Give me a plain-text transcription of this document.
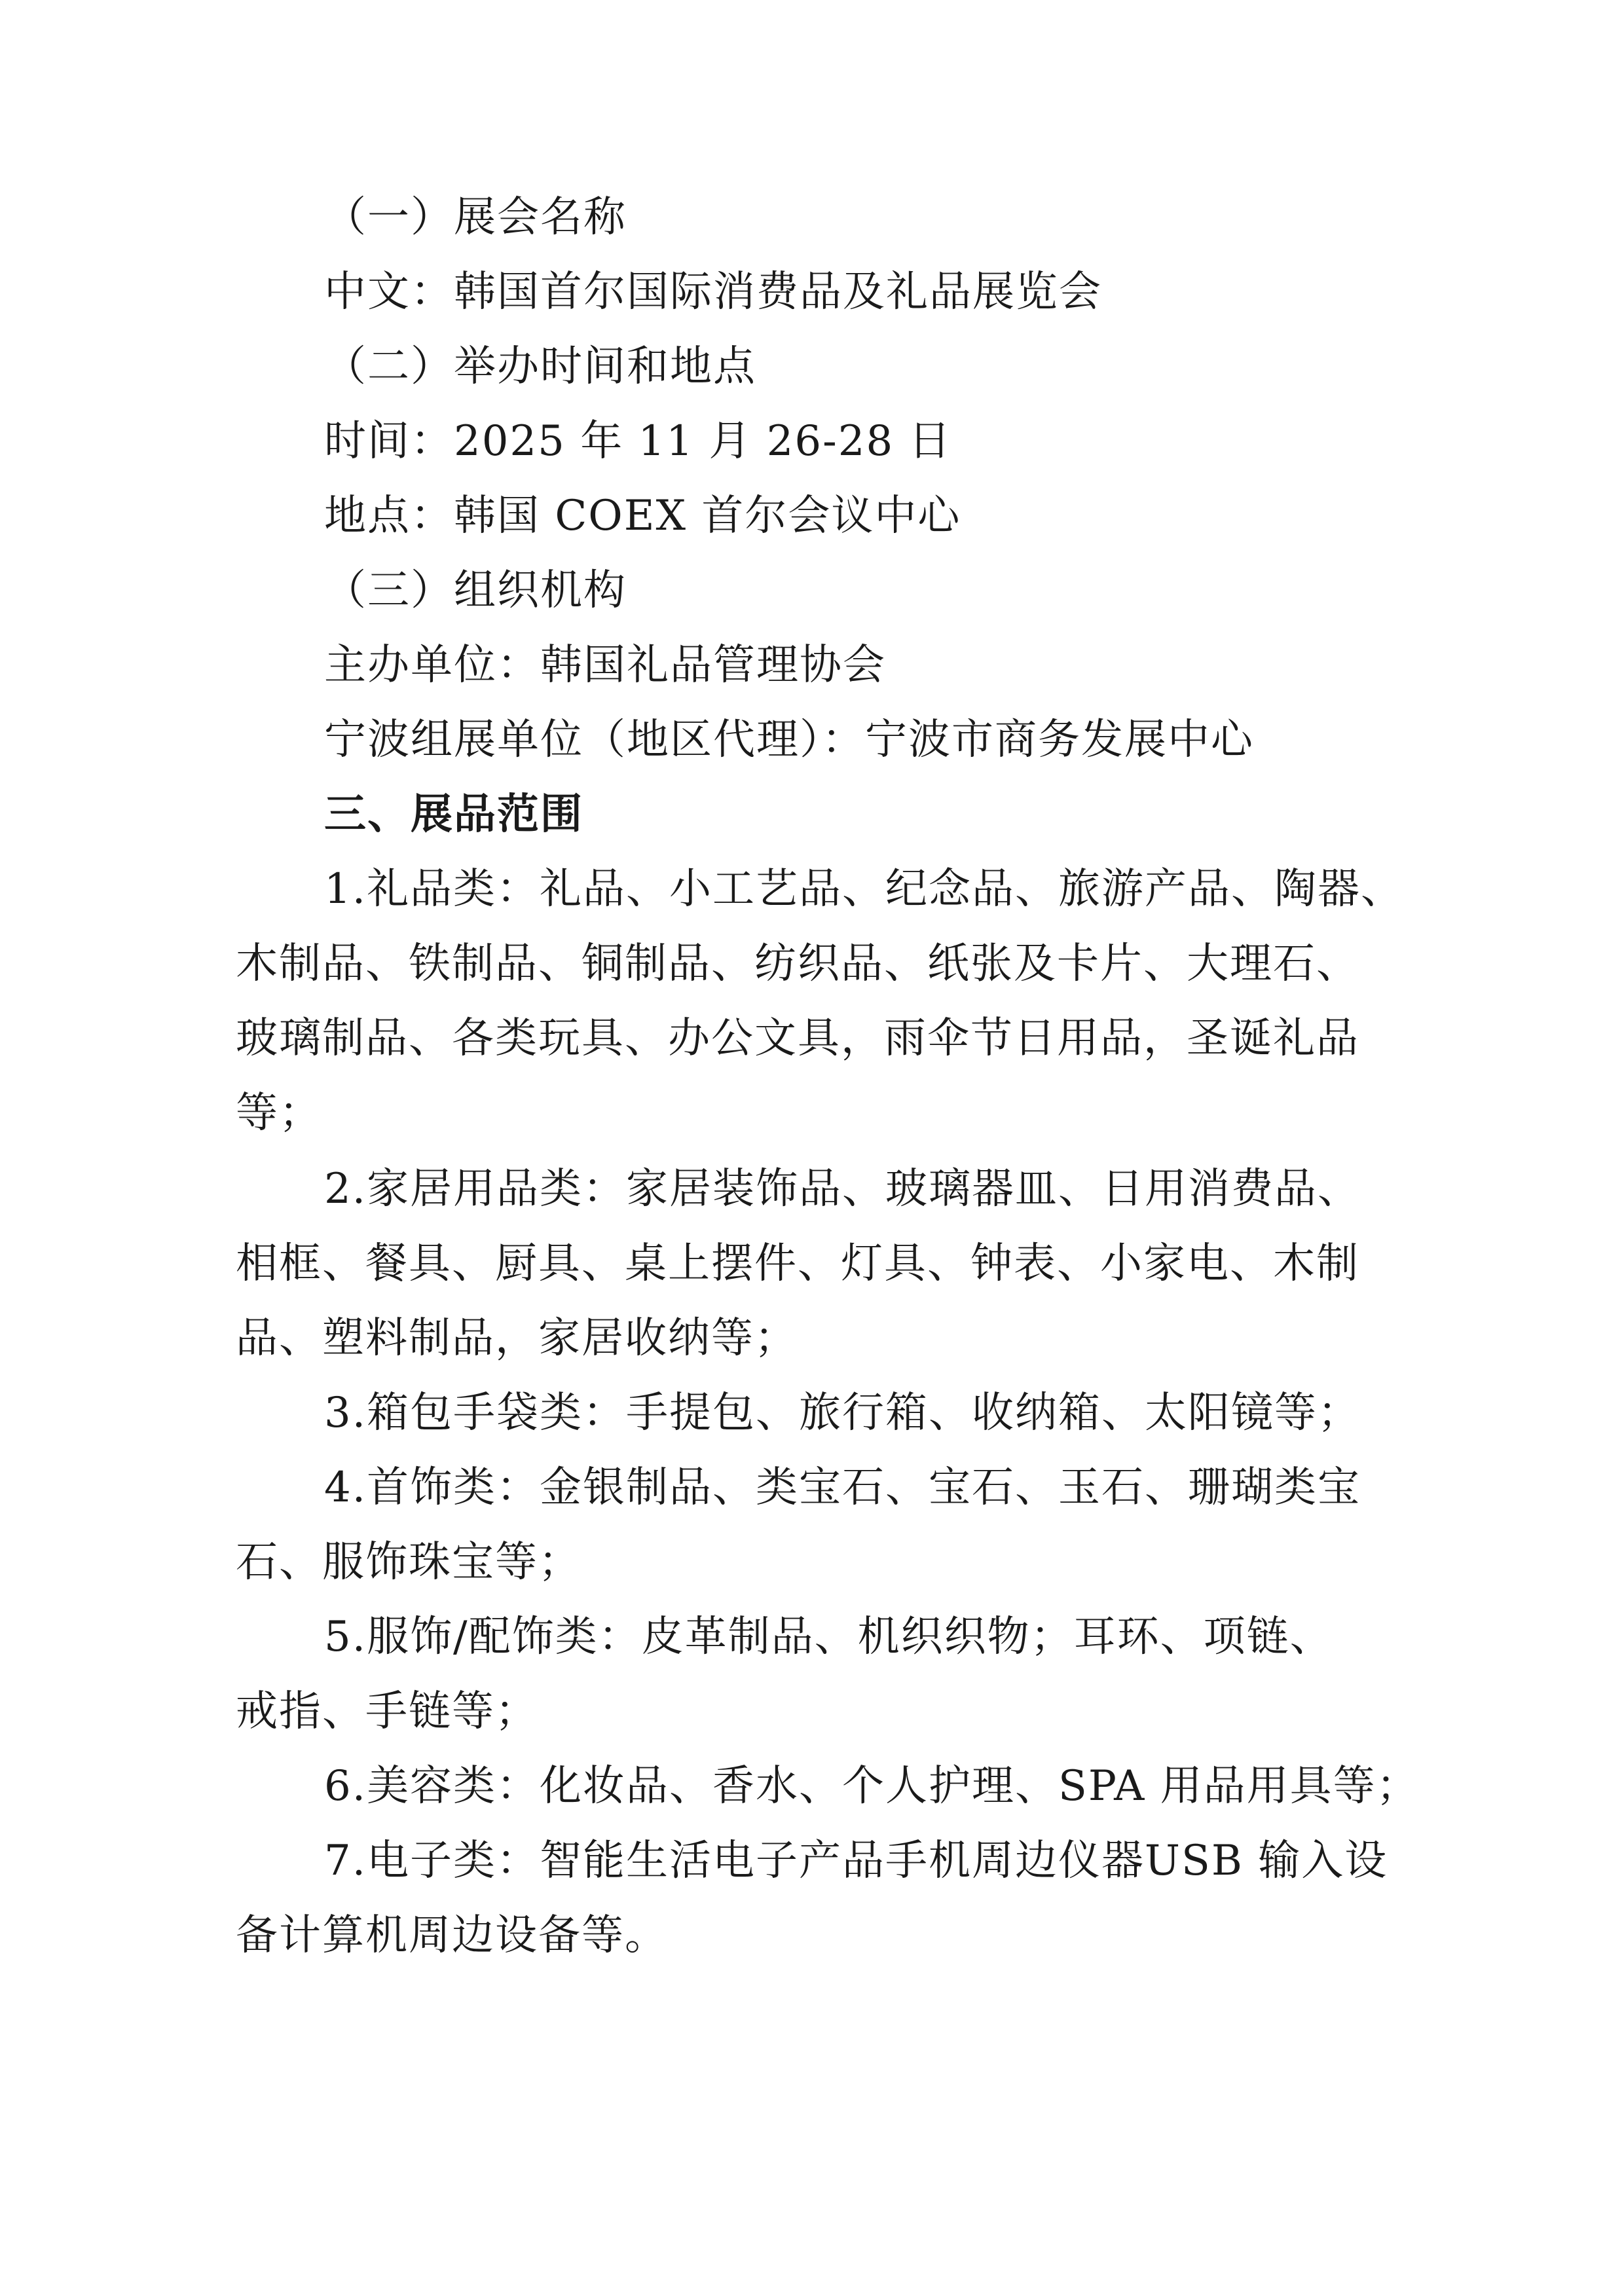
（一）展会名称

中文：韩国首尔国际消费品及礼品展览会

（二）举办时间和地点

时间：2025 年 11 月 26-28 日

地点：韩国 COEX 首尔会议中心

（三）组织机构

主办单位：韩国礼品管理协会

宁波组展单位（地区代理）：宁波市商务发展中心

三、展品范围

1.礼品类：礼品、小工艺品、纪念品、旅游产品、陶器、

木制品、铁制品、铜制品、纺织品、纸张及卡片、大理石、

玻璃制品、各类玩具、办公文具，雨伞节日用品，圣诞礼品

等；

2.家居用品类：家居装饰品、玻璃器皿、日用消费品、

相框、餐具、厨具、桌上摆件、灯具、钟表、小家电、木制

品、塑料制品，家居收纳等；

3.箱包手袋类：手提包、旅行箱、收纳箱、太阳镜等；

4.首饰类：金银制品、类宝石、宝石、玉石、珊瑚类宝

石、服饰珠宝等；

5.服饰/配饰类：皮革制品、机织织物；耳环、项链、

戒指、手链等；

6.美容类：化妆品、香水、个人护理、SPA 用品用具等；

7.电子类：智能生活电子产品手机周边仪器USB 输入设

备计算机周边设备等。
